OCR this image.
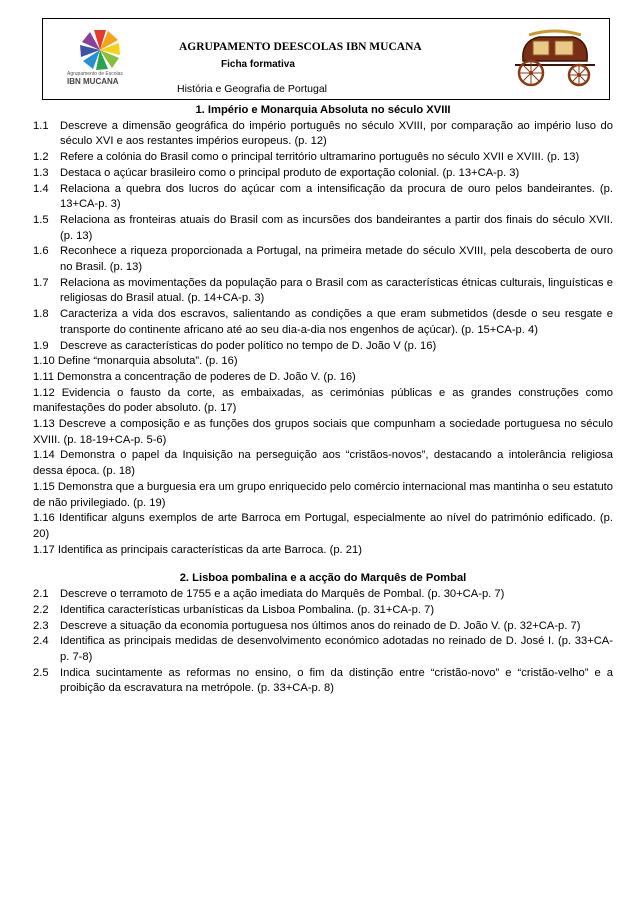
Agrupamento de Escolas
IBN MUCANA
AGRUPAMENTO DEESCOLAS IBN MUCANA
Ficha formativa
História e Geografia de Portugal

1. Império e Monarquia Absoluta no século XVIII

1.1	Descreve a dimensão geográfica do império português no século XVIII, por comparação ao império luso do século XVI e aos restantes impérios europeus. (p. 12)
1.2	Refere a colónia do Brasil como o principal território ultramarino português no século XVII e XVIII. (p. 13)
1.3	Destaca o açúcar brasileiro como o principal produto de exportação colonial. (p. 13+CA-p. 3)
1.4	Relaciona a quebra dos lucros do açúcar com a intensificação da procura de ouro pelos bandeirantes. (p. 13+CA-p. 3)
1.5	Relaciona as fronteiras atuais do Brasil com as incursões dos bandeirantes a partir dos finais do século XVII. (p. 13)
1.6	Reconhece a riqueza proporcionada a Portugal, na primeira metade do século XVIII, pela descoberta de ouro no Brasil. (p. 13)
1.7	Relaciona as movimentações da população para o Brasil com as características étnicas culturais, linguísticas e religiosas do Brasil atual. (p. 14+CA-p. 3)
1.8	Caracteriza a vida dos escravos, salientando as condições a que eram submetidos (desde o seu resgate e transporte do continente africano até ao seu dia-a-dia nos engenhos de açúcar). (p. 15+CA-p. 4)
1.9	Descreve as características do poder político no tempo de D. João V (p. 16)

1.10 Define “monarquia absoluta”. (p. 16)

1.11 Demonstra a concentração de poderes de D. João V. (p. 16)

1.12 Evidencia o fausto da corte, as embaixadas, as cerimónias públicas e as grandes construções como manifestações do poder absoluto. (p. 17)

1.13 Descreve a composição e as funções dos grupos sociais que compunham a sociedade portuguesa no século XVIII. (p. 18-19+CA-p. 5-6)

1.14 Demonstra o papel da Inquisição na perseguição aos “cristãos-novos”, destacando a intolerância religiosa dessa época. (p. 18)

1.15 Demonstra que a burguesia era um grupo enriquecido pelo comércio internacional mas mantinha o seu estatuto de não privilegiado. (p. 19)

1.16 Identificar alguns exemplos de arte Barroca em Portugal, especialmente ao nível do património edificado. (p. 20)

1.17 Identifica as principais características da arte Barroca. (p. 21)

2. Lisboa pombalina e a acção do Marquês de Pombal

2.1	Descreve o terramoto de 1755 e a ação imediata do Marquês de Pombal. (p. 30+CA-p. 7)
2.2	Identifica características urbanísticas da Lisboa Pombalina. (p. 31+CA-p. 7)
2.3	Descreve a situação da economia portuguesa nos últimos anos do reinado de D. João V. (p. 32+CA-p. 7)
2.4	Identifica as principais medidas de desenvolvimento económico adotadas no reinado de D. José I. (p. 33+CA-p. 7-8)
2.5	Indica sucintamente as reformas no ensino, o fim da distinção entre “cristão-novo” e “cristão-velho” e a proibição da escravatura na metrópole. (p. 33+CA-p. 8)
